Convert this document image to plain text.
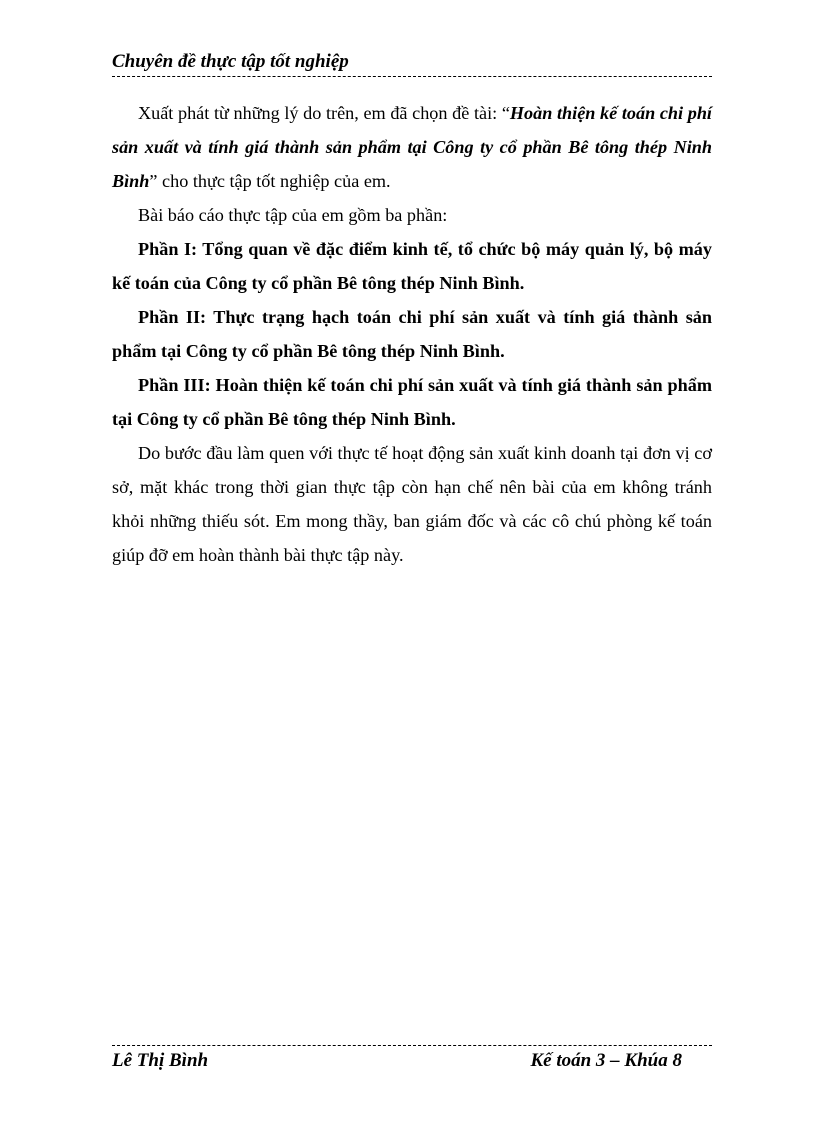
Chuyên đề thực tập tốt nghiệp

Xuất phát từ những lý do trên, em đã chọn đề tài: “Hoàn thiện kế toán chi phí sản xuất và tính giá thành sản phẩm tại Công ty cổ phần Bê tông thép Ninh Bình” cho thực tập tốt nghiệp của em.

Bài báo cáo thực tập của em gồm ba phần:

Phần I: Tổng quan về đặc điểm kinh tế, tổ chức bộ máy quản lý, bộ máy kế toán của Công ty cổ phần Bê tông thép Ninh Bình.

Phần II: Thực trạng hạch toán chi phí sản xuất và tính giá thành sản phẩm tại Công ty cổ phần Bê tông thép Ninh Bình.

Phần III: Hoàn thiện kế toán chi phí sản xuất và tính giá thành sản phẩm tại Công ty cổ phần Bê tông thép Ninh Bình.

Do bước đầu làm quen với thực tế hoạt động sản xuất kinh doanh tại đơn vị cơ sở, mặt khác trong thời gian thực tập còn hạn chế nên bài của em không tránh khỏi những thiếu sót. Em mong thầy, ban giám đốc và các cô chú phòng kế toán giúp đỡ em hoàn thành bài thực tập này.

Lê Thị Bình	Kế toán 3 – Khúa 8
